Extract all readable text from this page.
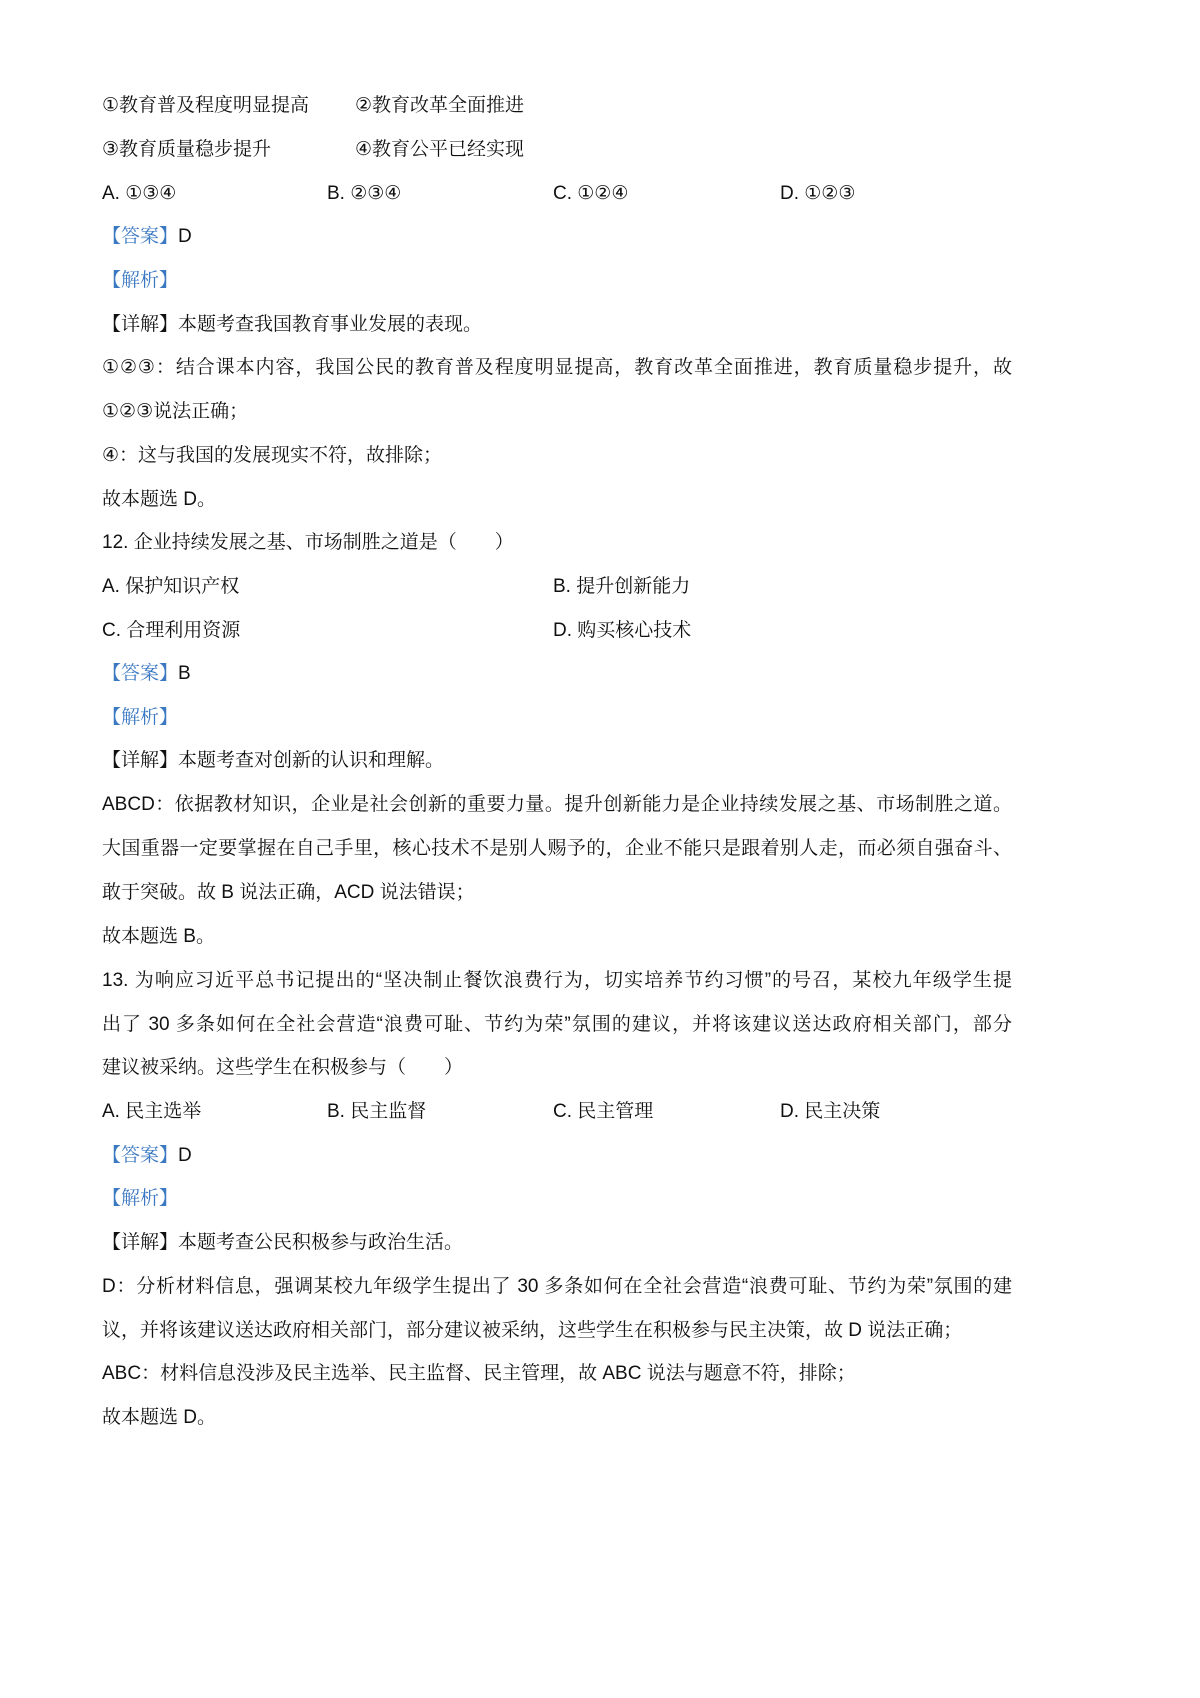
①教育普及程度明显提高 ②教育改革全面推进
③教育质量稳步提升	④教育公平已经实现
A. ①③④	B. ②③④	C. ①②④	D. ①②③
【答案】D
【解析】
【详解】本题考查我国教育事业发展的表现。
①②③：结合课本内容，我国公民的教育普及程度明显提高，教育改革全面推进，教育质量稳步提升，故
①②③说法正确；
④：这与我国的发展现实不符，故排除；
故本题选 D。
12. 企业持续发展之基、市场制胜之道是（　　）
A. 保护知识产权	B. 提升创新能力
C. 合理利用资源	D. 购买核心技术
【答案】B
【解析】
【详解】本题考查对创新的认识和理解。
ABCD：依据教材知识，企业是社会创新的重要力量。提升创新能力是企业持续发展之基、市场制胜之道。
大国重器一定要掌握在自己手里，核心技术不是别人赐予的，企业不能只是跟着别人走，而必须自强奋斗、
敢于突破。故 B 说法正确，ACD 说法错误；
故本题选 B。
13. 为响应习近平总书记提出的“坚决制止餐饮浪费行为，切实培养节约习惯”的号召，某校九年级学生提
出了 30 多条如何在全社会营造“浪费可耻、节约为荣”氛围的建议，并将该建议送达政府相关部门，部分
建议被采纳。这些学生在积极参与（　　）
A. 民主选举	B. 民主监督	C. 民主管理	D. 民主决策
【答案】D
【解析】
【详解】本题考查公民积极参与政治生活。
D：分析材料信息，强调某校九年级学生提出了 30 多条如何在全社会营造“浪费可耻、节约为荣”氛围的建
议，并将该建议送达政府相关部门，部分建议被采纳，这些学生在积极参与民主决策，故 D 说法正确；
ABC：材料信息没涉及民主选举、民主监督、民主管理，故 ABC 说法与题意不符，排除；
故本题选 D。
